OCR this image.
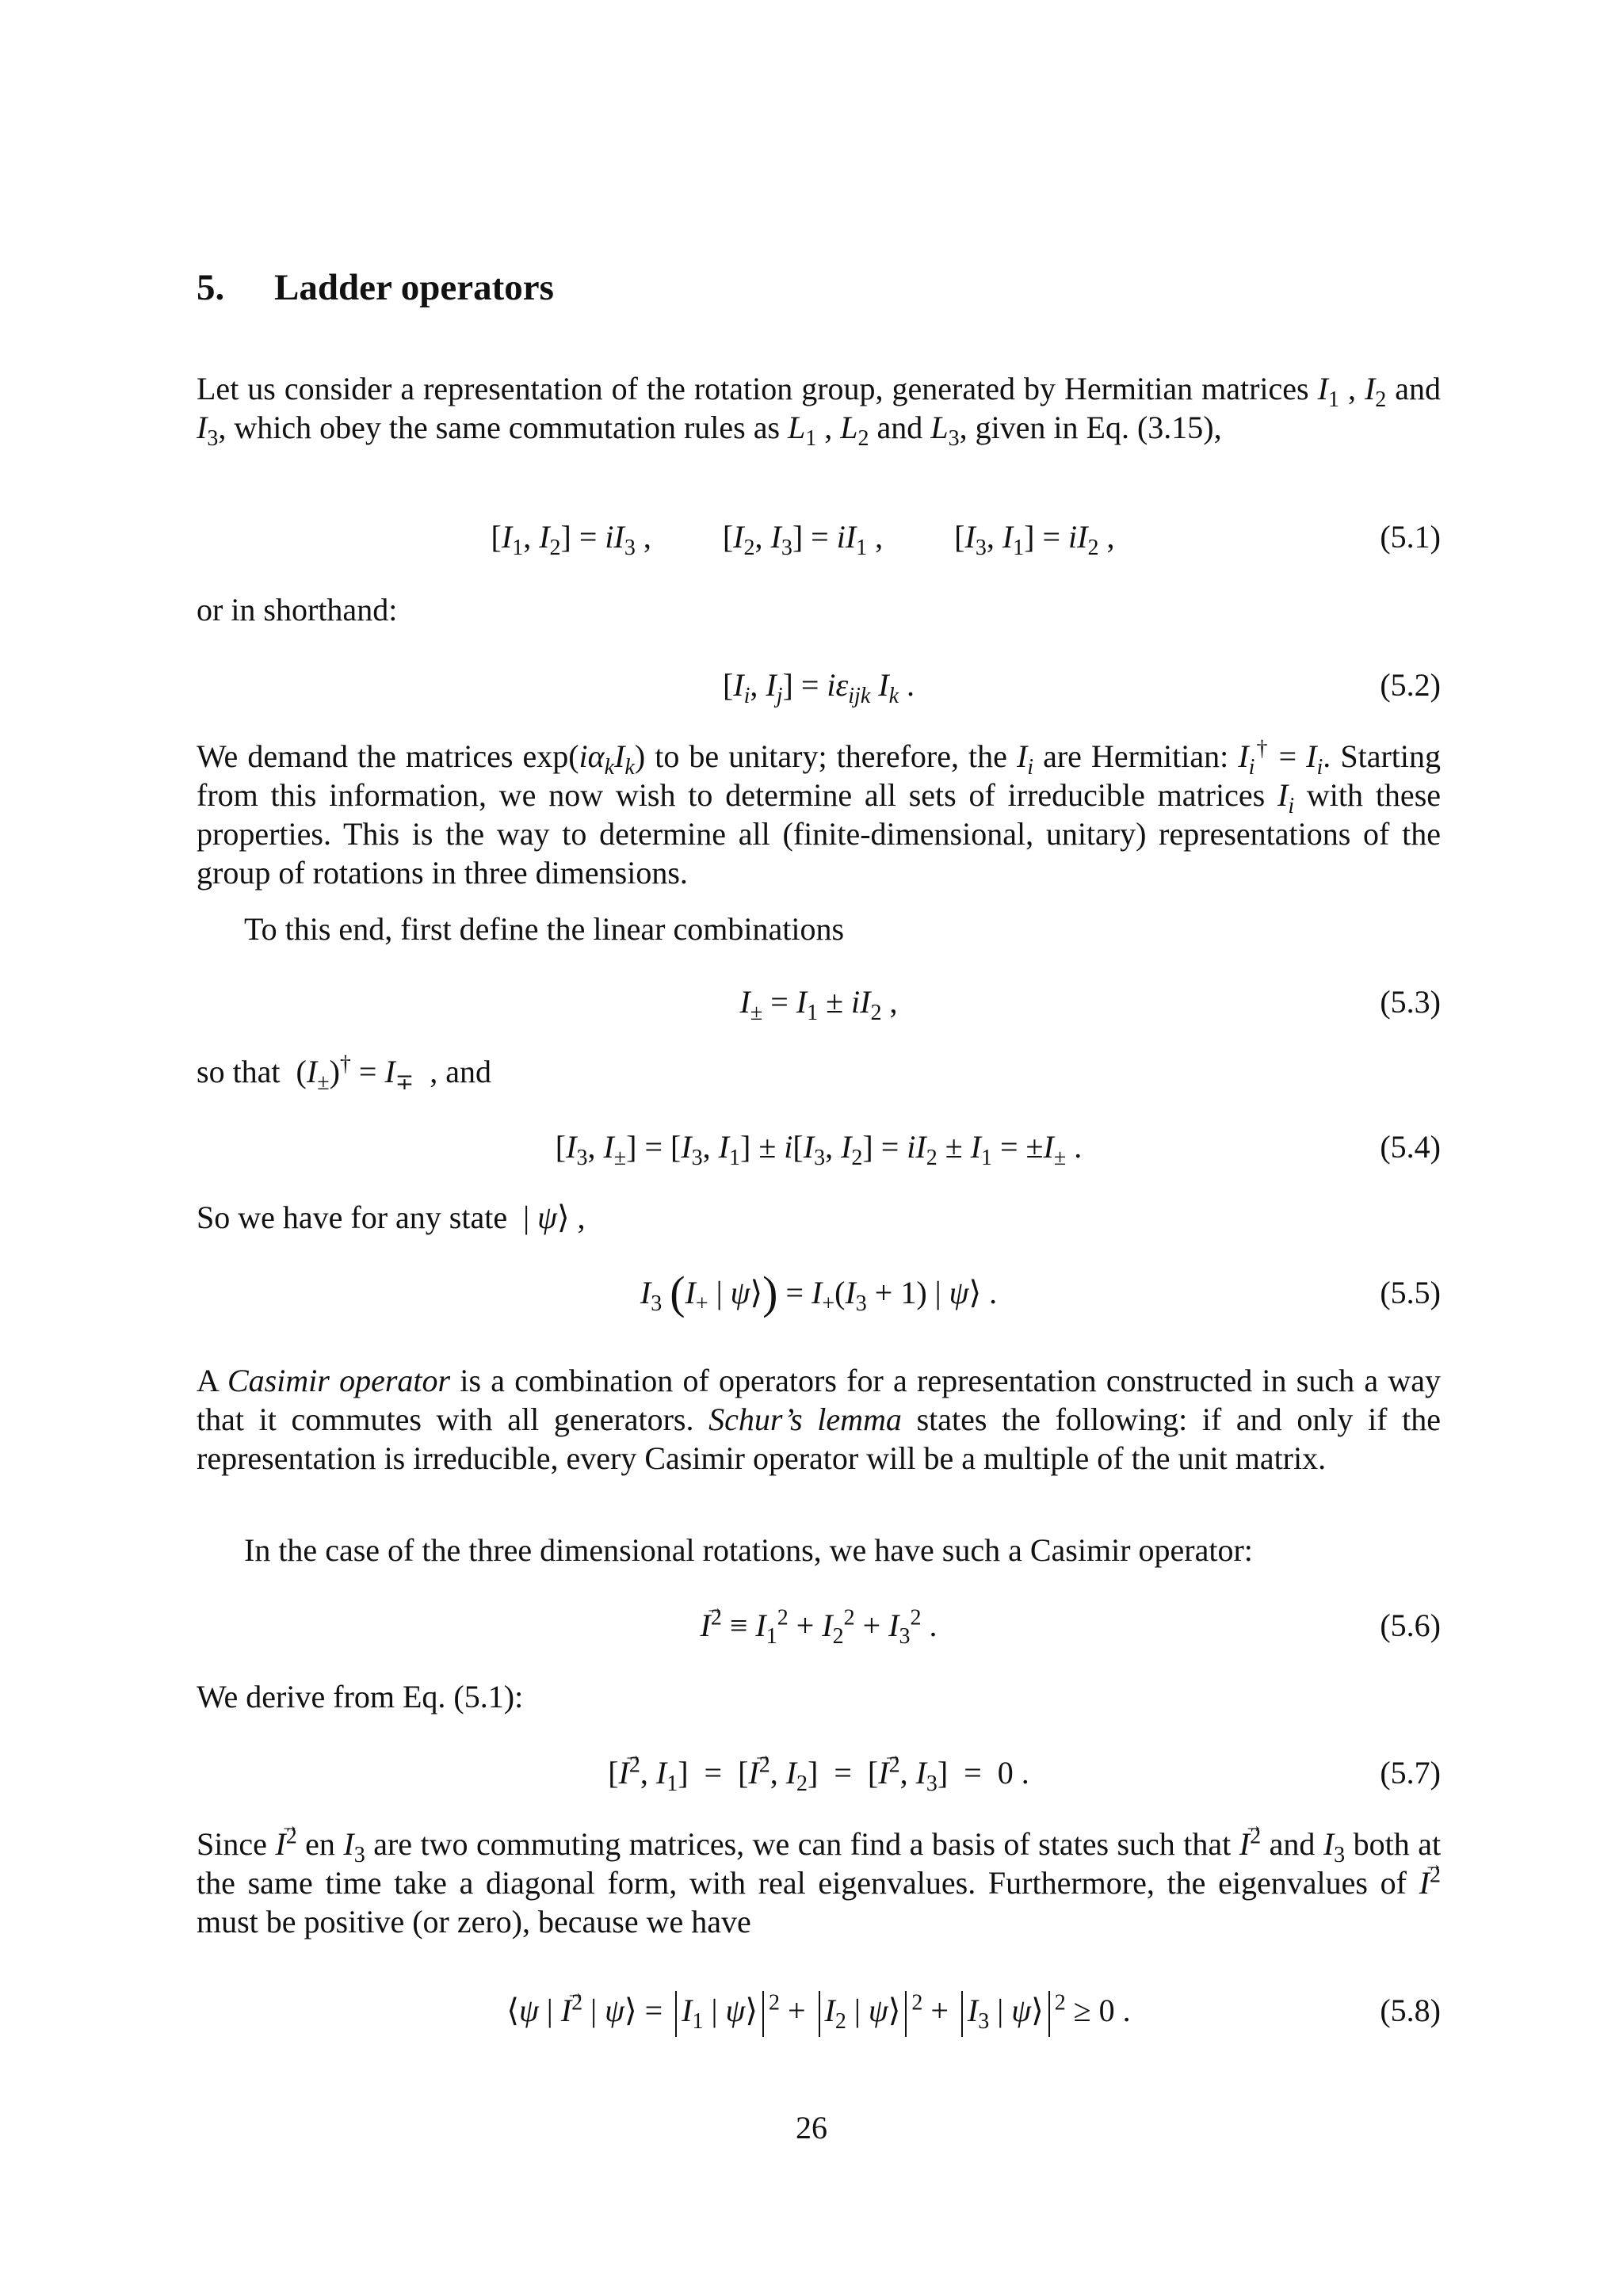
5. Ladder operators

Let us consider a representation of the rotation group, generated by Hermitian matrices $I_1$ , $I_2$ and $I_3$, which obey the same commutation rules as $L_1$ , $L_2$ and $L_3$, given in Eq. (3.15),

[$I_1$, $I_2] = iI_3$ ,         [$I_2$, $I_3] = iI_1$ ,         [$I_3$, $I_1] = iI_2$ ,	(5.1)

or in shorthand:

[$I_i$, $I_j] = i\varepsilon_{ijk}$ $I_k$ .	(5.2)

We demand the matrices $\exp(i\alpha_kI_k)$ to be unitary; therefore, the $I_i$ are Hermitian: $I_i^\dagger = I_i$. Starting from this information, we now wish to determine all sets of irreducible matrices $I_i$ with these properties. This is the way to determine all (finite-dimensional, unitary) representations of the group of rotations in three dimensions.

To this end, first define the linear combinations

$I_\pm = I_1 \pm iI_2$ ,	(5.3)

so that  $(I_\pm)^\dagger = I_\mp$ , and

[$I_3$, $I_\pm] = [I_3$, $I_1] \pm i[I_3$, $I_2] = iI_2 \pm I_1 = \pm I_\pm$ .	(5.4)

So we have for any state  | ψ⟩ ,

$I_3$ ($I_+$ | ψ⟩) = $I_+(I_3 + 1)$ | ψ⟩ .	(5.5)

A Casimir operator is a combination of operators for a representation constructed in such a way that it commutes with all generators. Schur’s lemma states the following: if and only if the representation is irreducible, every Casimir operator will be a multiple of the unit matrix.

In the case of the three dimensional rotations, we have such a Casimir operator:

→ $I^2 \equiv I_1^2 + I_2^2 + I_3^2$ .	(5.6)

We derive from Eq. (5.1):

[→ $I^2$, $I_1$]  =  [→ $I^2$, $I_2$]  =  [→ $I^2$, $I_3] = 0$ .	(5.7)

Since → $I^2$ en $I_3$ are two commuting matrices, we can find a basis of states such that → $I^2$ and $I_3$ both at the same time take a diagonal form, with real eigenvalues. Furthermore, the eigenvalues of → $I^2$ must be positive (or zero), because we have

⟨ψ | → $I^2$ | ψ⟩ = $I_1$ | ψ⟩ $^2 + I_2$ | ψ⟩ $^2 + I_3$ | ψ⟩ $^2$ ≥ 0 .	(5.8)
26
